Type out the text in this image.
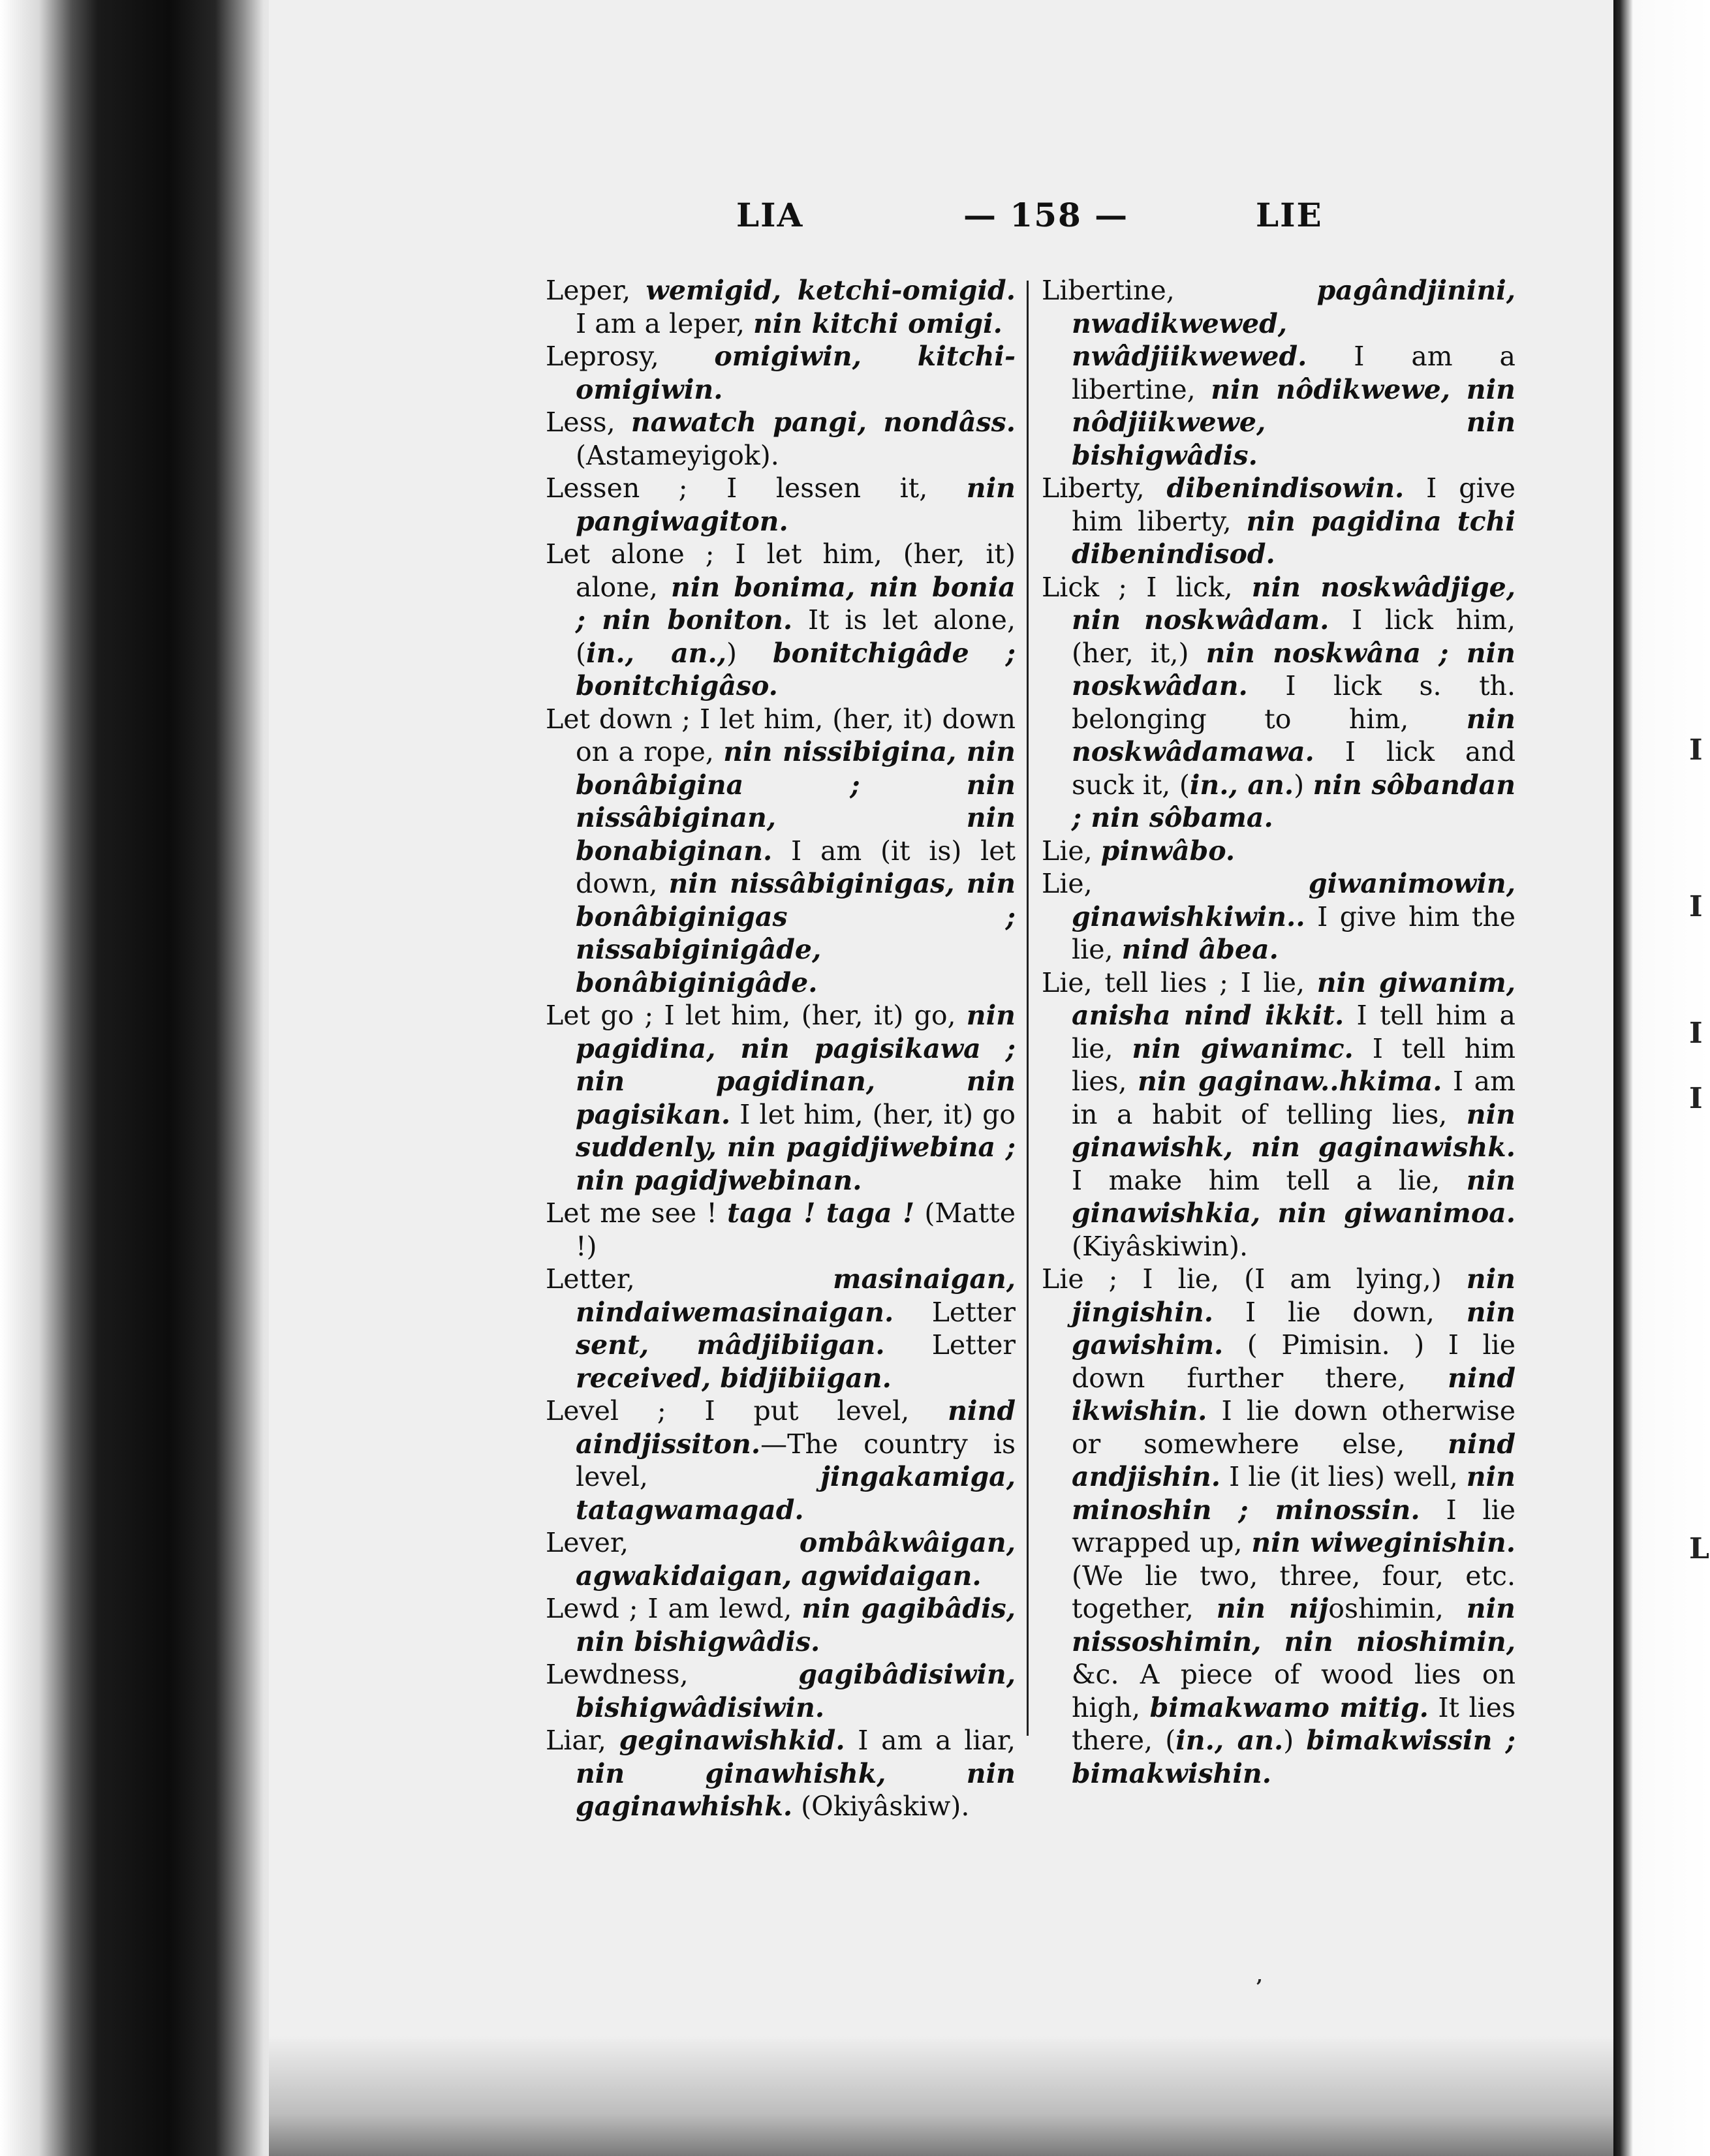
I
I
I
I
L
LIA	— 158 —	LIE

Leper, wemigid, ketchi-omigid. I am a leper, nin kitchi omigi.

Leprosy, omigiwin, kitchi-omigiwin.

Less, nawatch pangi, nondâss. (Astameyigok).

Lessen ; I lessen it, nin pangiwagiton.

Let alone ; I let him, (her, it) alone, nin bonima, nin bonia ; nin boniton. It is let alone, (in., an.,) bonitchigâde ; bonitchigâso.

Let down ; I let him, (her, it) down on a rope, nin nissibigina, nin bonâbigina ; nin nissâbiginan, nin bonabiginan. I am (it is) let down, nin nissâbiginigas, nin bonâbiginigas ; nissabiginigâde, bonâbiginigâde.

Let go ; I let him, (her, it) go, nin pagidina, nin pagisikawa ; nin pagidinan, nin pagisikan. I let him, (her, it) go suddenly, nin pagidjiwebina ; nin pagidjwebinan.

Let me see ! taga ! taga ! (Matte !)

Letter, masinaigan, nindaiwemasinaigan. Letter sent, mâdjibiigan. Letter received, bidjibiigan.

Level ; I put level, nind aindjissiton.—The country is level, jingakamiga, tatagwamagad.

Lever, ombâkwâigan, agwakidaigan, agwidaigan.

Lewd ; I am lewd, nin gagibâdis, nin bishigwâdis.

Lewdness, gagibâdisiwin, bishigwâdisiwin.

Liar, geginawishkid. I am a liar, nin ginawhishk, nin gaginawhishk. (Okiyâskiw).

Libertine, pagândjinini, nwadikwewed, nwâdjiikwewed. I am a libertine, nin nôdikwewe, nin nôdjiikwewe, nin bishigwâdis.

Liberty, dibenindisowin. I give him liberty, nin pagidina tchi dibenindisod.

Lick ; I lick, nin noskwâdjige, nin noskwâdam. I lick him, (her, it,) nin noskwâna ; nin noskwâdan. I lick s. th. belonging to him, nin noskwâdamawa. I lick and suck it, (in., an.) nin sôbandan ; nin sôbama.

Lie, pinwâbo.

Lie, giwanimowin, ginawishkiwin.. I give him the lie, nind âbea.

Lie, tell lies ; I lie, nin giwanim, anisha nind ikkit. I tell him a lie, nin giwanimc. I tell him lies, nin gaginaw..hkima. I am in a habit of telling lies, nin ginawishk, nin gaginawishk. I make him tell a lie, nin ginawishkia, nin giwanimoa. (Kiyâskiwin).

Lie ; I lie, (I am lying,) nin jingishin. I lie down, nin gawishim. ( Pimisin. ) I lie down further there, nind ikwishin. I lie down otherwise or somewhere else, nind andjishin. I lie (it lies) well, nin minoshin ; minossin. I lie wrapped up, nin wiweginishin. (We lie two, three, four, etc. together, nin nijoshimin, nin nissoshimin, nin nioshimin, &c. A piece of wood lies on high, bimakwamo mitig. It lies there, (in., an.) bimakwissin ; bimakwishin.

’
